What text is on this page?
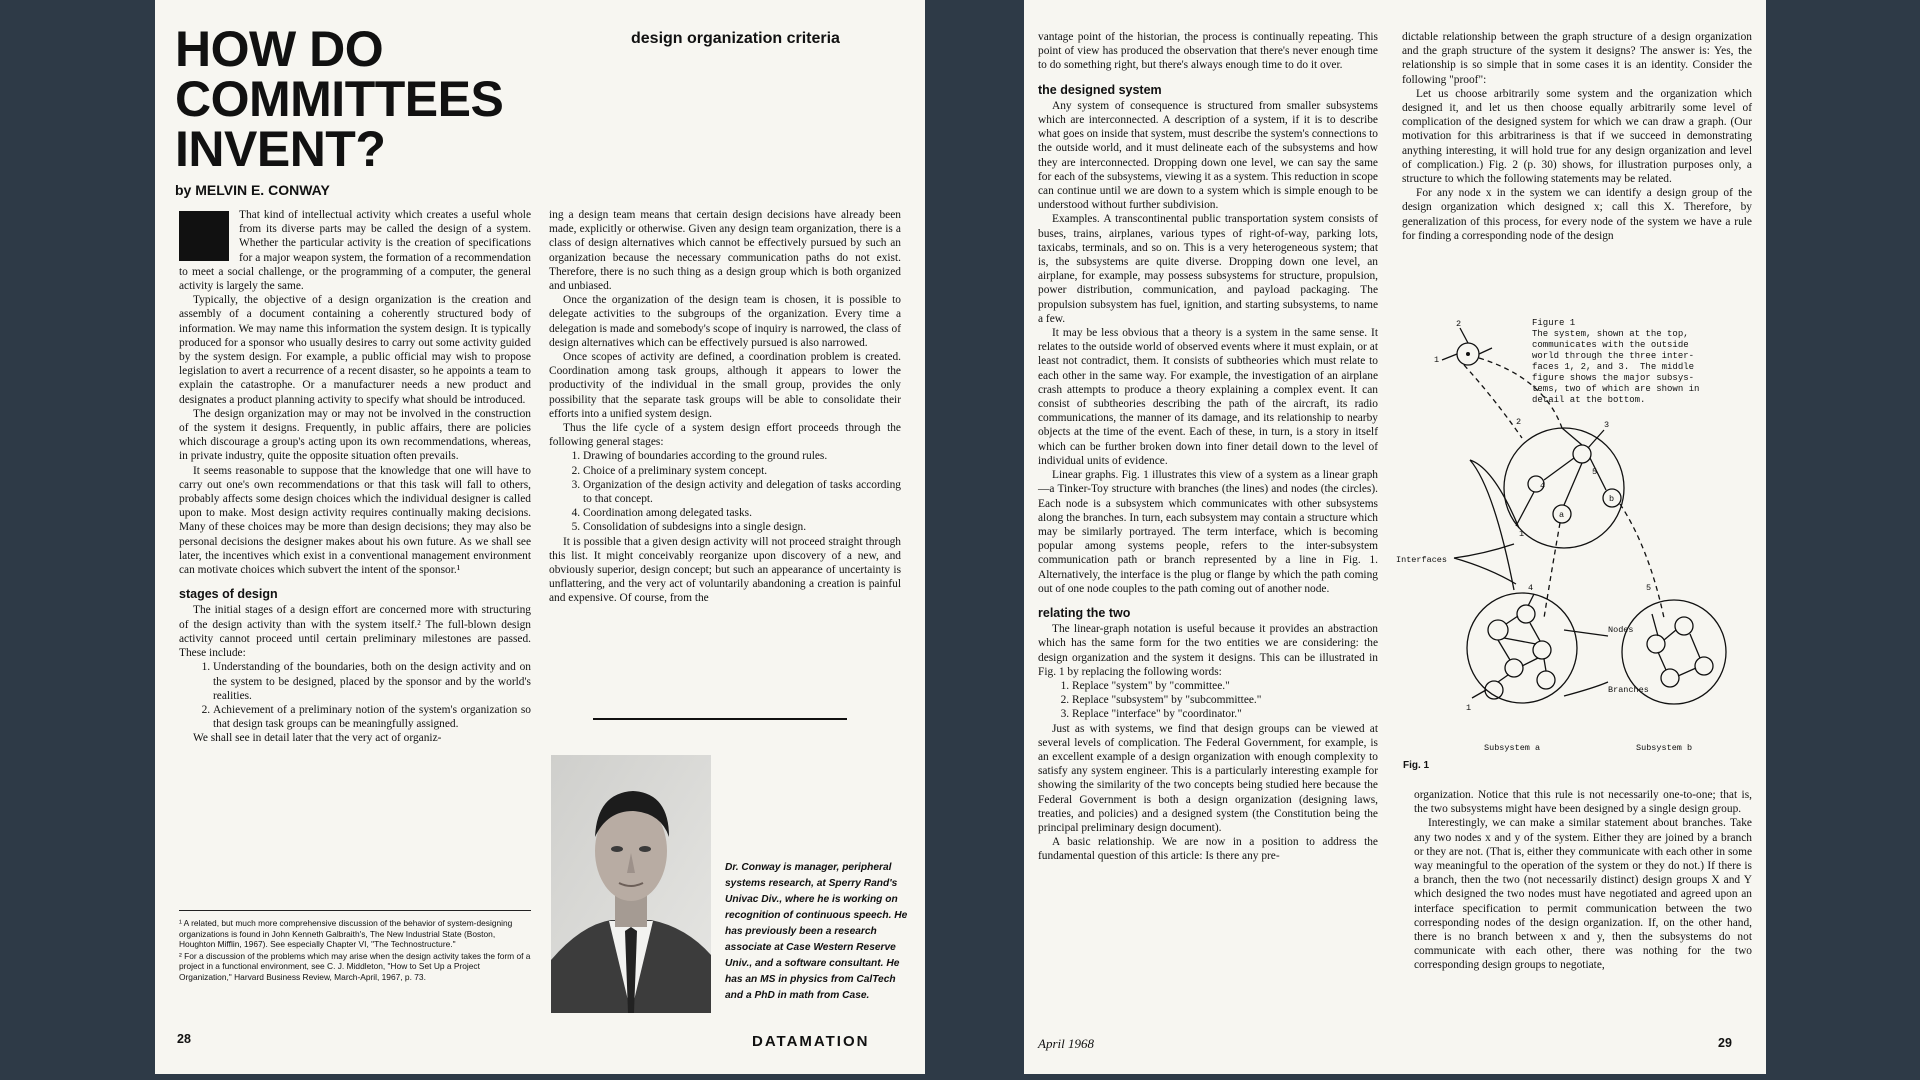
HOW DO COMMITTEES INVENT?
design organization criteria
by MELVIN E. CONWAY

That kind of intellectual activity which creates a useful whole from its diverse parts may be called the design of a system. Whether the particular activity is the creation of specifications for a major weapon system, the formation of a recommendation to meet a social challenge, or the programming of a computer, the general activity is largely the same.

Typically, the objective of a design organization is the creation and assembly of a document containing a coherently structured body of information. We may name this information the system design. It is typically produced for a sponsor who usually desires to carry out some activity guided by the system design. For example, a public official may wish to propose legislation to avert a recurrence of a recent disaster, so he appoints a team to explain the catastrophe. Or a manufacturer needs a new product and designates a product planning activity to specify what should be introduced.

The design organization may or may not be involved in the construction of the system it designs. Frequently, in public affairs, there are policies which discourage a group's acting upon its own recommendations, whereas, in private industry, quite the opposite situation often prevails.

It seems reasonable to suppose that the knowledge that one will have to carry out one's own recommendations or that this task will fall to others, probably affects some design choices which the individual designer is called upon to make. Most design activity requires continually making decisions. Many of these choices may be more than design decisions; they may also be personal decisions the designer makes about his own future. As we shall see later, the incentives which exist in a conventional management environment can motivate choices which subvert the intent of the sponsor.¹

stages of design

The initial stages of a design effort are concerned more with structuring of the design activity than with the system itself.² The full-blown design activity cannot proceed until certain preliminary milestones are passed. These include:

1. Understanding of the boundaries, both on the design activity and on the system to be designed, placed by the sponsor and by the world's realities.
2. Achievement of a preliminary notion of the system's organization so that design task groups can be meaningfully assigned.

We shall see in detail later that the very act of organiz-

¹ A related, but much more comprehensive discussion of the behavior of system-designing organizations is found in John Kenneth Galbraith's, The New Industrial State (Boston, Houghton Mifflin, 1967). See especially Chapter VI, "The Technostructure."

² For a discussion of the problems which may arise when the design activity takes the form of a project in a functional environment, see C. J. Middleton, "How to Set Up a Project Organization," Harvard Business Review, March-April, 1967, p. 73.

ing a design team means that certain design decisions have already been made, explicitly or otherwise. Given any design team organization, there is a class of design alternatives which cannot be effectively pursued by such an organization because the necessary communication paths do not exist. Therefore, there is no such thing as a design group which is both organized and unbiased.

Once the organization of the design team is chosen, it is possible to delegate activities to the subgroups of the organization. Every time a delegation is made and somebody's scope of inquiry is narrowed, the class of design alternatives which can be effectively pursued is also narrowed.

Once scopes of activity are defined, a coordination problem is created. Coordination among task groups, although it appears to lower the productivity of the individual in the small group, provides the only possibility that the separate task groups will be able to consolidate their efforts into a unified system design.

Thus the life cycle of a system design effort proceeds through the following general stages:

1. Drawing of boundaries according to the ground rules.
2. Choice of a preliminary system concept.
3. Organization of the design activity and delegation of tasks according to that concept.
4. Coordination among delegated tasks.
5. Consolidation of subdesigns into a single design.

It is possible that a given design activity will not proceed straight through this list. It might conceivably reorganize upon discovery of a new, and obviously superior, design concept; but such an appearance of uncertainty is unflattering, and the very act of voluntarily abandoning a creation is painful and expensive. Of course, from the

Dr. Conway is manager, peripheral systems research, at Sperry Rand's Univac Div., where he is working on recognition of continuous speech. He has previously been a research associate at Case Western Reserve Univ., and a software consultant. He has an MS in physics from CalTech and a PhD in math from Case.
28	DATAMATION

vantage point of the historian, the process is continually repeating. This point of view has produced the observation that there's never enough time to do something right, but there's always enough time to do it over.

the designed system

Any system of consequence is structured from smaller subsystems which are interconnected. A description of a system, if it is to describe what goes on inside that system, must describe the system's connections to the outside world, and it must delineate each of the subsystems and how they are interconnected. Dropping down one level, we can say the same for each of the subsystems, viewing it as a system. This reduction in scope can continue until we are down to a system which is simple enough to be understood without further subdivision.

Examples. A transcontinental public transportation system consists of buses, trains, airplanes, various types of right-of-way, parking lots, taxicabs, terminals, and so on. This is a very heterogeneous system; that is, the subsystems are quite diverse. Dropping down one level, an airplane, for example, may possess subsystems for structure, propulsion, power distribution, communication, and payload packaging. The propulsion subsystem has fuel, ignition, and starting subsystems, to name a few.

It may be less obvious that a theory is a system in the same sense. It relates to the outside world of observed events where it must explain, or at least not contradict, them. It consists of subtheories which must relate to each other in the same way. For example, the investigation of an airplane crash attempts to produce a theory explaining a complex event. It can consist of subtheories describing the path of the aircraft, its radio communications, the manner of its damage, and its relationship to nearby objects at the time of the event. Each of these, in turn, is a story in itself which can be further broken down into finer detail down to the level of individual units of evidence.

Linear graphs. Fig. 1 illustrates this view of a system as a linear graph—a Tinker-Toy structure with branches (the lines) and nodes (the circles). Each node is a subsystem which communicates with other subsystems along the branches. In turn, each subsystem may contain a structure which may be similarly portrayed. The term interface, which is becoming popular among systems people, refers to the inter-subsystem communication path or branch represented by a line in Fig. 1. Alternatively, the interface is the plug or flange by which the path coming out of one node couples to the path coming out of another node.

relating the two

The linear-graph notation is useful because it provides an abstraction which has the same form for the two entities we are considering: the design organization and the system it designs. This can be illustrated in Fig. 1 by replacing the following words:

1. Replace "system" by "committee."
2. Replace "subsystem" by "subcommittee."
3. Replace "interface" by "coordinator."

Just as with systems, we find that design groups can be viewed at several levels of complication. The Federal Government, for example, is an excellent example of a design organization with enough complexity to satisfy any system engineer. This is a particularly interesting example for showing the similarity of the two concepts being studied here because the Federal Government is both a design organization (designing laws, treaties, and policies) and a designed system (the Constitution being the principal preliminary design document).

A basic relationship. We are now in a position to address the fundamental question of this article: Is there any pre-

dictable relationship between the graph structure of a design organization and the graph structure of the system it designs? The answer is: Yes, the relationship is so simple that in some cases it is an identity. Consider the following "proof":

Let us choose arbitrarily some system and the organization which designed it, and let us then choose equally arbitrarily some level of complication of the designed system for which we can draw a graph. (Our motivation for this arbitrariness is that if we succeed in demonstrating anything interesting, it will hold true for any design organization and level of complication.) Fig. 2 (p. 30) shows, for illustration purposes only, a structure to which the following statements may be related.

For any node x in the system we can identify a design group of the design organization which designed x; call this X. Therefore, by generalization of this process, for every node of the system we have a rule for finding a corresponding node of the design

Figure 1
The system, shown at the top,
communicates with the outside
world through the three inter-
faces 1, 2, and 3.  The middle
figure shows the major subsys-
tems, two of which are shown in
detail at the bottom.
2
1
2	3
4
5
a
b
1
4	5
1
Interfaces
Nodes
Branches
Subsystem a	Subsystem b
Fig. 1

organization. Notice that this rule is not necessarily one-to-one; that is, the two subsystems might have been designed by a single design group.

Interestingly, we can make a similar statement about branches. Take any two nodes x and y of the system. Either they are joined by a branch or they are not. (That is, either they communicate with each other in some way meaningful to the operation of the system or they do not.) If there is a branch, then the two (not necessarily distinct) design groups X and Y which designed the two nodes must have negotiated and agreed upon an interface specification to permit communication between the two corresponding nodes of the design organization. If, on the other hand, there is no branch between x and y, then the subsystems do not communicate with each other, there was nothing for the two corresponding design groups to negotiate,

April 1968	29
